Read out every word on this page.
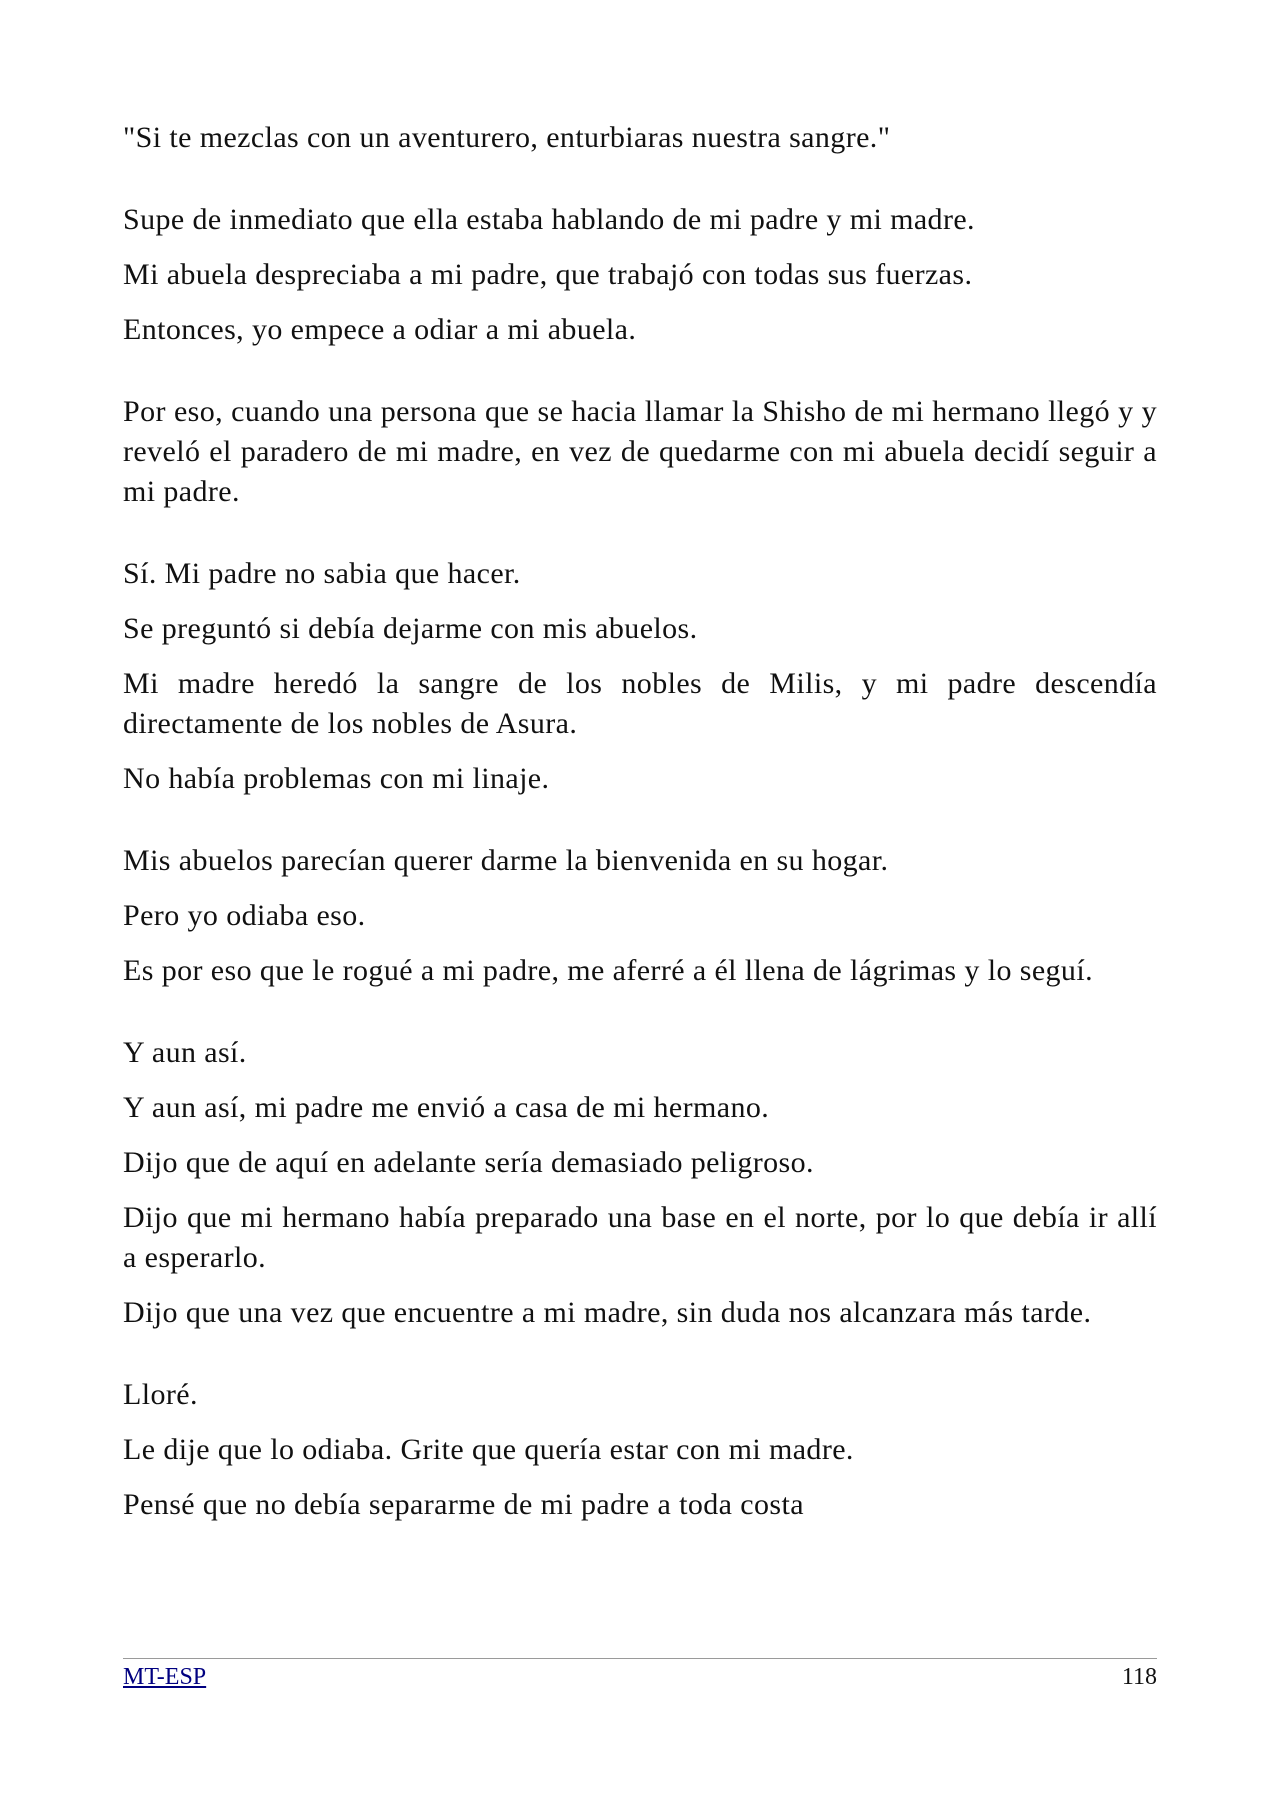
"Si te mezclas con un aventurero, enturbiaras nuestra sangre."

Supe de inmediato que ella estaba hablando de mi padre y mi madre.

Mi abuela despreciaba a mi padre, que trabajó con todas sus fuerzas.

Entonces, yo empece a odiar a mi abuela.

Por eso, cuando una persona que se hacia llamar la Shisho de mi hermano llegó y y reveló el paradero de mi madre, en vez de quedarme con mi abuela decidí seguir a mi padre.

Sí. Mi padre no sabia que hacer.

Se preguntó si debía dejarme con mis abuelos.

Mi madre heredó la sangre de los nobles de Milis, y mi padre descendía directamente de los nobles de Asura.

No había problemas con mi linaje.

Mis abuelos parecían querer darme la bienvenida en su hogar.

Pero yo odiaba eso.

Es por eso que le rogué a mi padre, me aferré a él llena de lágrimas y lo seguí.

Y aun así.

Y aun así, mi padre me envió a casa de mi hermano.

Dijo que de aquí en adelante sería demasiado peligroso.

Dijo que mi hermano había preparado una base en el norte, por lo que debía ir allí a esperarlo.

Dijo que una vez que encuentre a mi madre, sin duda nos alcanzara más tarde.

Lloré.

Le dije que lo odiaba. Grite que quería estar con mi madre.

Pensé que no debía separarme de mi padre a toda costa

MT-ESP	118
